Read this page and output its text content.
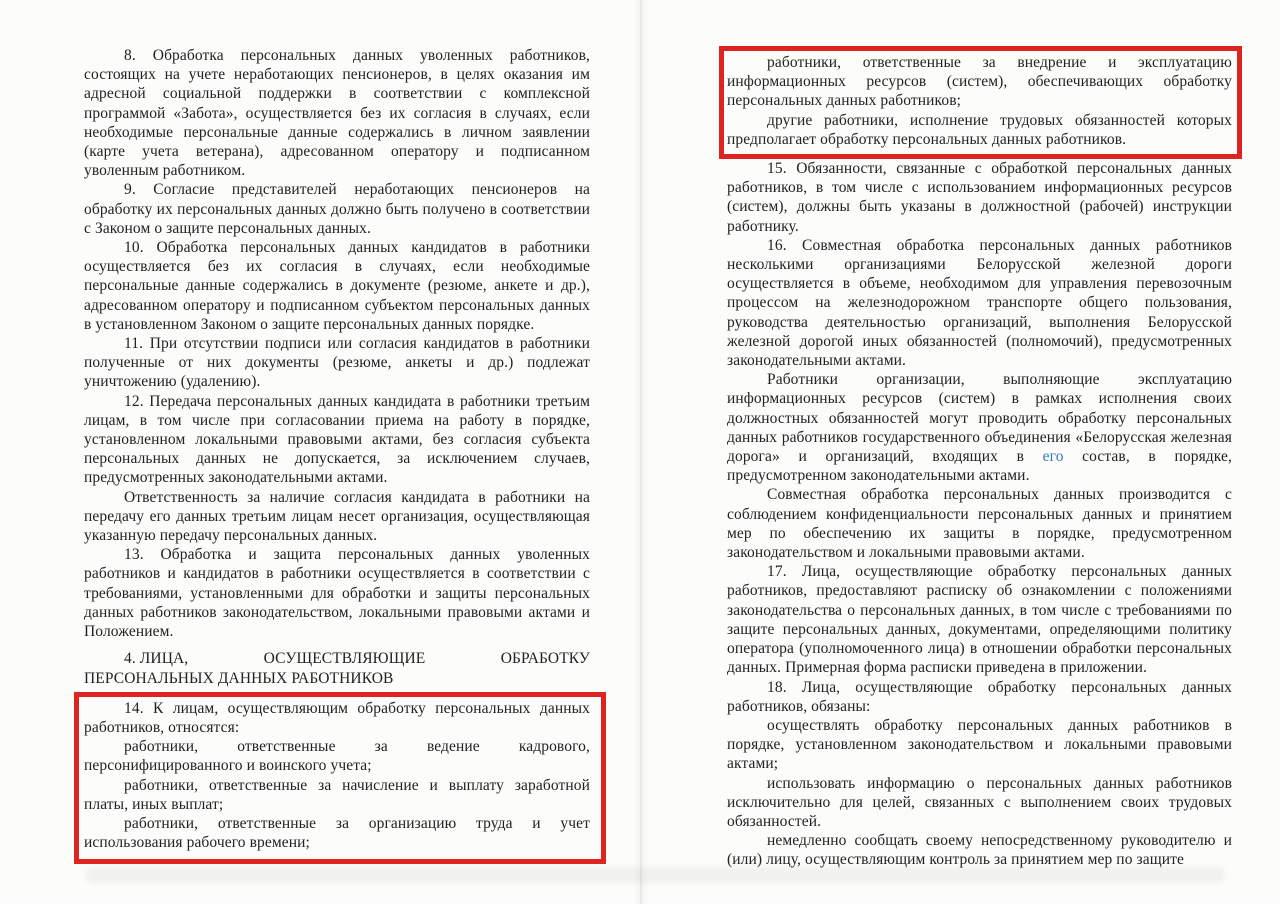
8. Обработка персональных данных уволенных работников, состоящих на учете неработающих пенсионеров, в целях оказания им адресной социальной поддержки в соответствии с комплексной программой «Забота», осуществляется без их согласия в случаях, если необходимые персональные данные содержались в личном заявлении (карте учета ветерана), адресованном оператору и подписанном уволенным работником.

9. Согласие представителей неработающих пенсионеров на обработку их персональных данных должно быть получено в соответствии с Законом о защите персональных данных.

10. Обработка персональных данных кандидатов в работники осуществляется без их согласия в случаях, если необходимые персональные данные содержались в документе (резюме, анкете и др.), адресованном оператору и подписанном субъектом персональных данных в установленном Законом о защите персональных данных порядке.

11. При отсутствии подписи или согласия кандидатов в работники полученные от них документы (резюме, анкеты и др.) подлежат уничтожению (удалению).

12. Передача персональных данных кандидата в работники третьим лицам, в том числе при согласовании приема на работу в порядке, установленном локальными правовыми актами, без согласия субъекта персональных данных не допускается, за исключением случаев, предусмотренных законодательными актами.

Ответственность за наличие согласия кандидата в работники на передачу его данных третьим лицам несет организация, осуществляющая указанную передачу персональных данных.

13. Обработка и защита персональных данных уволенных работников и кандидатов в работники осуществляется в соответствии с требованиями, установленными для обработки и защиты персональных данных работников законодательством, локальными правовыми актами и Положением.

4. ЛИЦА,	ОСУЩЕСТВЛЯЮЩИЕ	ОБРАБОТКУ
ПЕРСОНАЛЬНЫХ ДАННЫХ РАБОТНИКОВ

14. К лицам, осуществляющим обработку персональных данных работников, относятся:

работники, ответственные за ведение кадрового, персонифицированного и воинского учета;

работники, ответственные за начисление и выплату заработной платы, иных выплат;

работники, ответственные за организацию труда и учет использования рабочего времени;

работники, ответственные за внедрение и эксплуатацию информационных ресурсов (систем), обеспечивающих обработку персональных данных работников;

другие работники, исполнение трудовых обязанностей которых предполагает обработку персональных данных работников.

15. Обязанности, связанные с обработкой персональных данных работников, в том числе с использованием информационных ресурсов (систем), должны быть указаны в должностной (рабочей) инструкции работнику.

16. Совместная обработка персональных данных работников несколькими организациями Белорусской железной дороги осуществляется в объеме, необходимом для управления перевозочным процессом на железнодорожном транспорте общего пользования, руководства деятельностью организаций, выполнения Белорусской железной дорогой иных обязанностей (полномочий), предусмотренных законодательными актами.

Работники организации, выполняющие эксплуатацию информационных ресурсов (систем) в рамках исполнения своих должностных обязанностей могут проводить обработку персональных данных работников государственного объединения «Белорусская железная дорога» и организаций, входящих в его состав, в порядке, предусмотренном законодательными актами.

Совместная обработка персональных данных производится с соблюдением конфиденциальности персональных данных и принятием мер по обеспечению их защиты в порядке, предусмотренном законодательством и локальными правовыми актами.

17. Лица, осуществляющие обработку персональных данных работников, предоставляют расписку об ознакомлении с положениями законодательства о персональных данных, в том числе с требованиями по защите персональных данных, документами, определяющими политику оператора (уполномоченного лица) в отношении обработки персональных данных. Примерная форма расписки приведена в приложении.

18. Лица, осуществляющие обработку персональных данных работников, обязаны:

осуществлять обработку персональных данных работников в порядке, установленном законодательством и локальными правовыми актами;

использовать информацию о персональных данных работников исключительно для целей, связанных с выполнением своих трудовых обязанностей.

немедленно сообщать своему непосредственному руководителю и (или) лицу, осуществляющим контроль за принятием мер по защите
